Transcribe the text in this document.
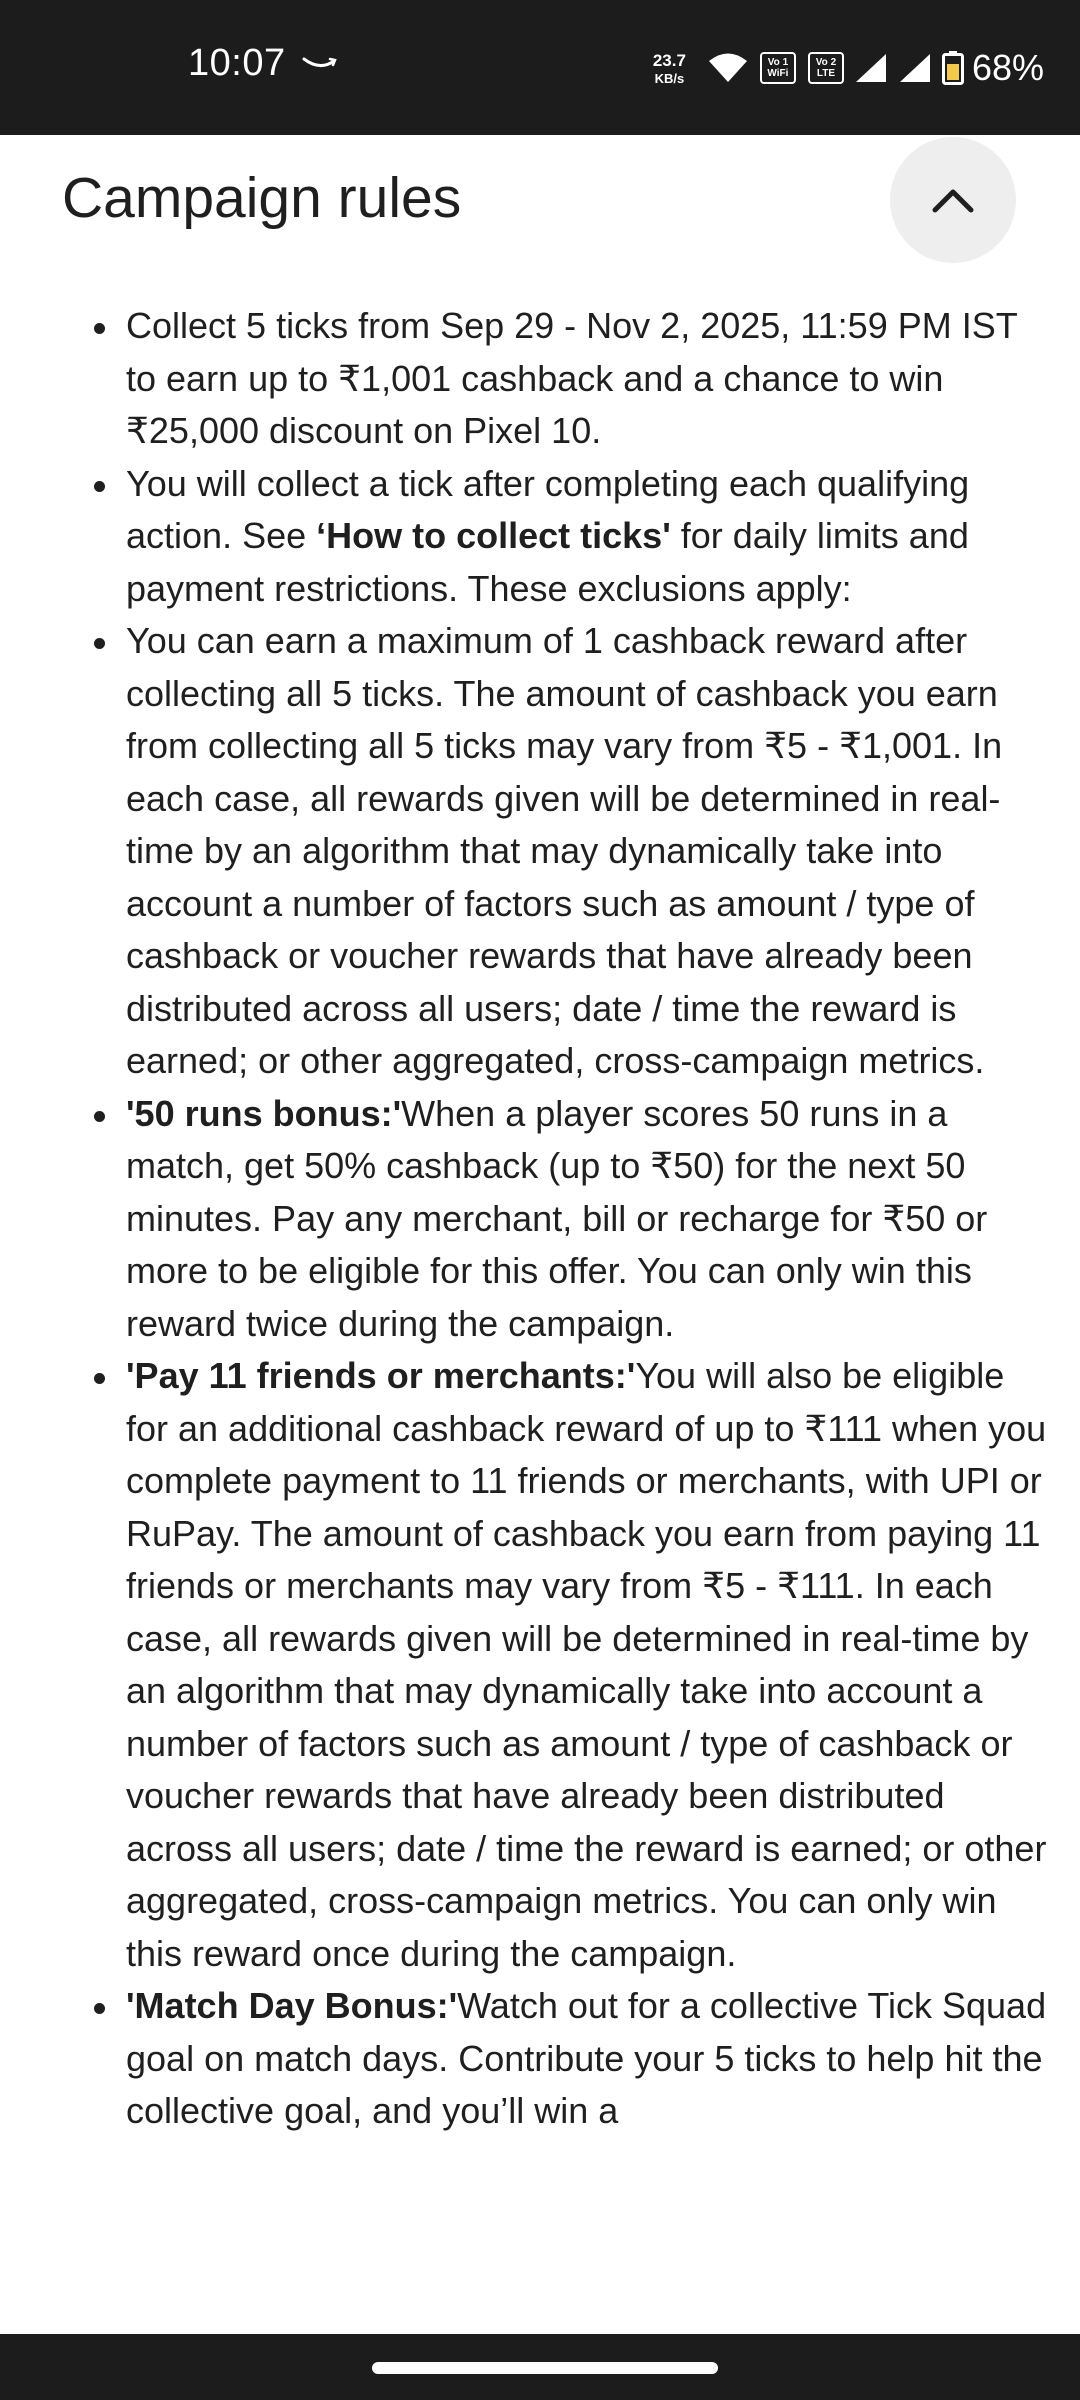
10:07	23.7
KB/s
Vo 1
WiFi
Vo 2
LTE	68%
Campaign rules
Collect 5 ticks from Sep 29 - Nov 2, 2025, 11:59 PM IST to earn up to ₹1,001 cashback and a chance to win ₹25,000 discount on Pixel 10.
You will collect a tick after completing each qualifying action. See ‘How to collect ticks' for daily limits and payment restrictions. These exclusions apply:
You can earn a maximum of 1 cashback reward after collecting all 5 ticks. The amount of cashback you earn from collecting all 5 ticks may vary from ₹5 - ₹1,001. In each case, all rewards given will be determined in real-time by an algorithm that may dynamically take into account a number of factors such as amount / type of cashback or voucher rewards that have already been distributed across all users; date / time the reward is earned; or other aggregated, cross-campaign metrics.
'50 runs bonus:'When a player scores 50 runs in a match, get 50% cashback (up to ₹50) for the next 50 minutes. Pay any merchant, bill or recharge for ₹50 or more to be eligible for this offer. You can only win this reward twice during the campaign.
'Pay 11 friends or merchants:'You will also be eligible for an additional cashback reward of up to ₹111 when you complete payment to 11 friends or merchants, with UPI or RuPay. The amount of cashback you earn from paying 11 friends or merchants may vary from ₹5 - ₹111. In each case, all rewards given will be determined in real-time by an algorithm that may dynamically take into account a number of factors such as amount / type of cashback or voucher rewards that have already been distributed across all users; date / time the reward is earned; or other aggregated, cross-campaign metrics. You can only win this reward once during the campaign.
'Match Day Bonus:'Watch out for a collective Tick Squad goal on match days. Contribute your 5 ticks to help hit the collective goal, and you’ll win a
